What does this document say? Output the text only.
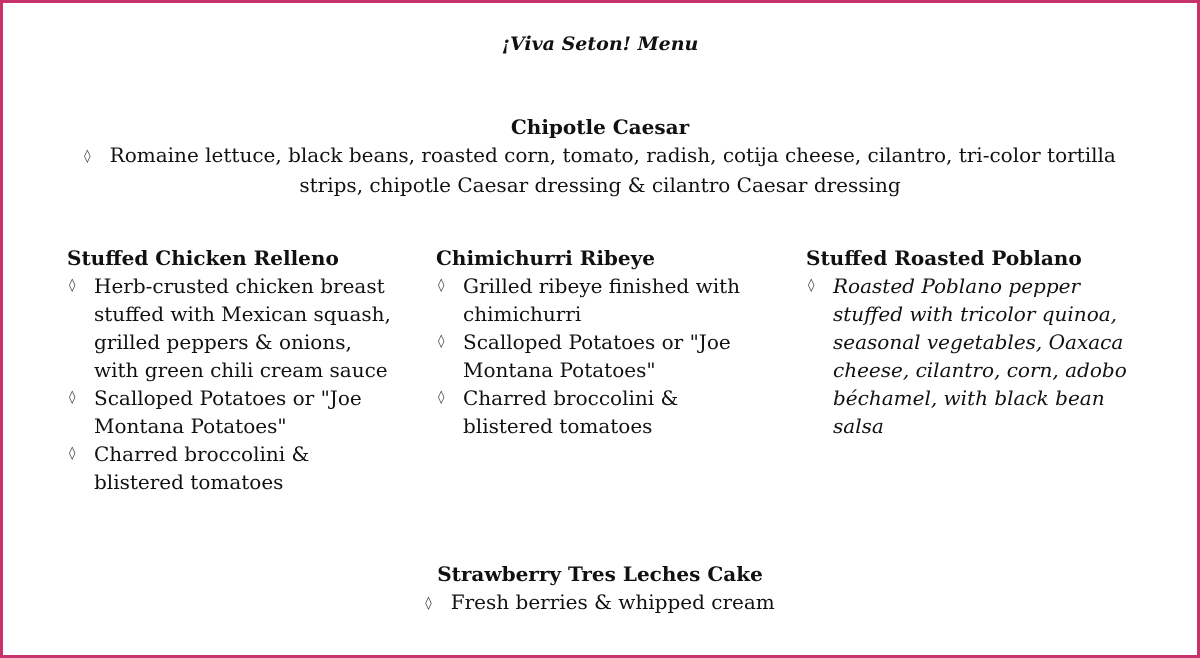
¡Viva Seton! Menu
Chipotle Caesar
◊ Romaine lettuce, black beans, roasted corn, tomato, radish, cotija cheese, cilantro, tri-color tortilla strips, chipotle Caesar dressing & cilantro Caesar dressing
Stuffed Chicken Relleno
◊ Herb-crusted chicken breast stuffed with Mexican squash, grilled peppers & onions, with green chili cream sauce
◊ Scalloped Potatoes or "Joe Montana Potatoes"
◊ Charred broccolini & blistered tomatoes
Chimichurri Ribeye
◊ Grilled ribeye finished with chimichurri
◊ Scalloped Potatoes or "Joe Montana Potatoes"
◊ Charred broccolini & blistered tomatoes
Stuffed Roasted Poblano
◊ Roasted Poblano pepper stuffed with tricolor quinoa, seasonal vegetables, Oaxaca cheese, cilantro, corn, adobo béchamel, with black bean salsa
Strawberry Tres Leches Cake
◊ Fresh berries & whipped cream
